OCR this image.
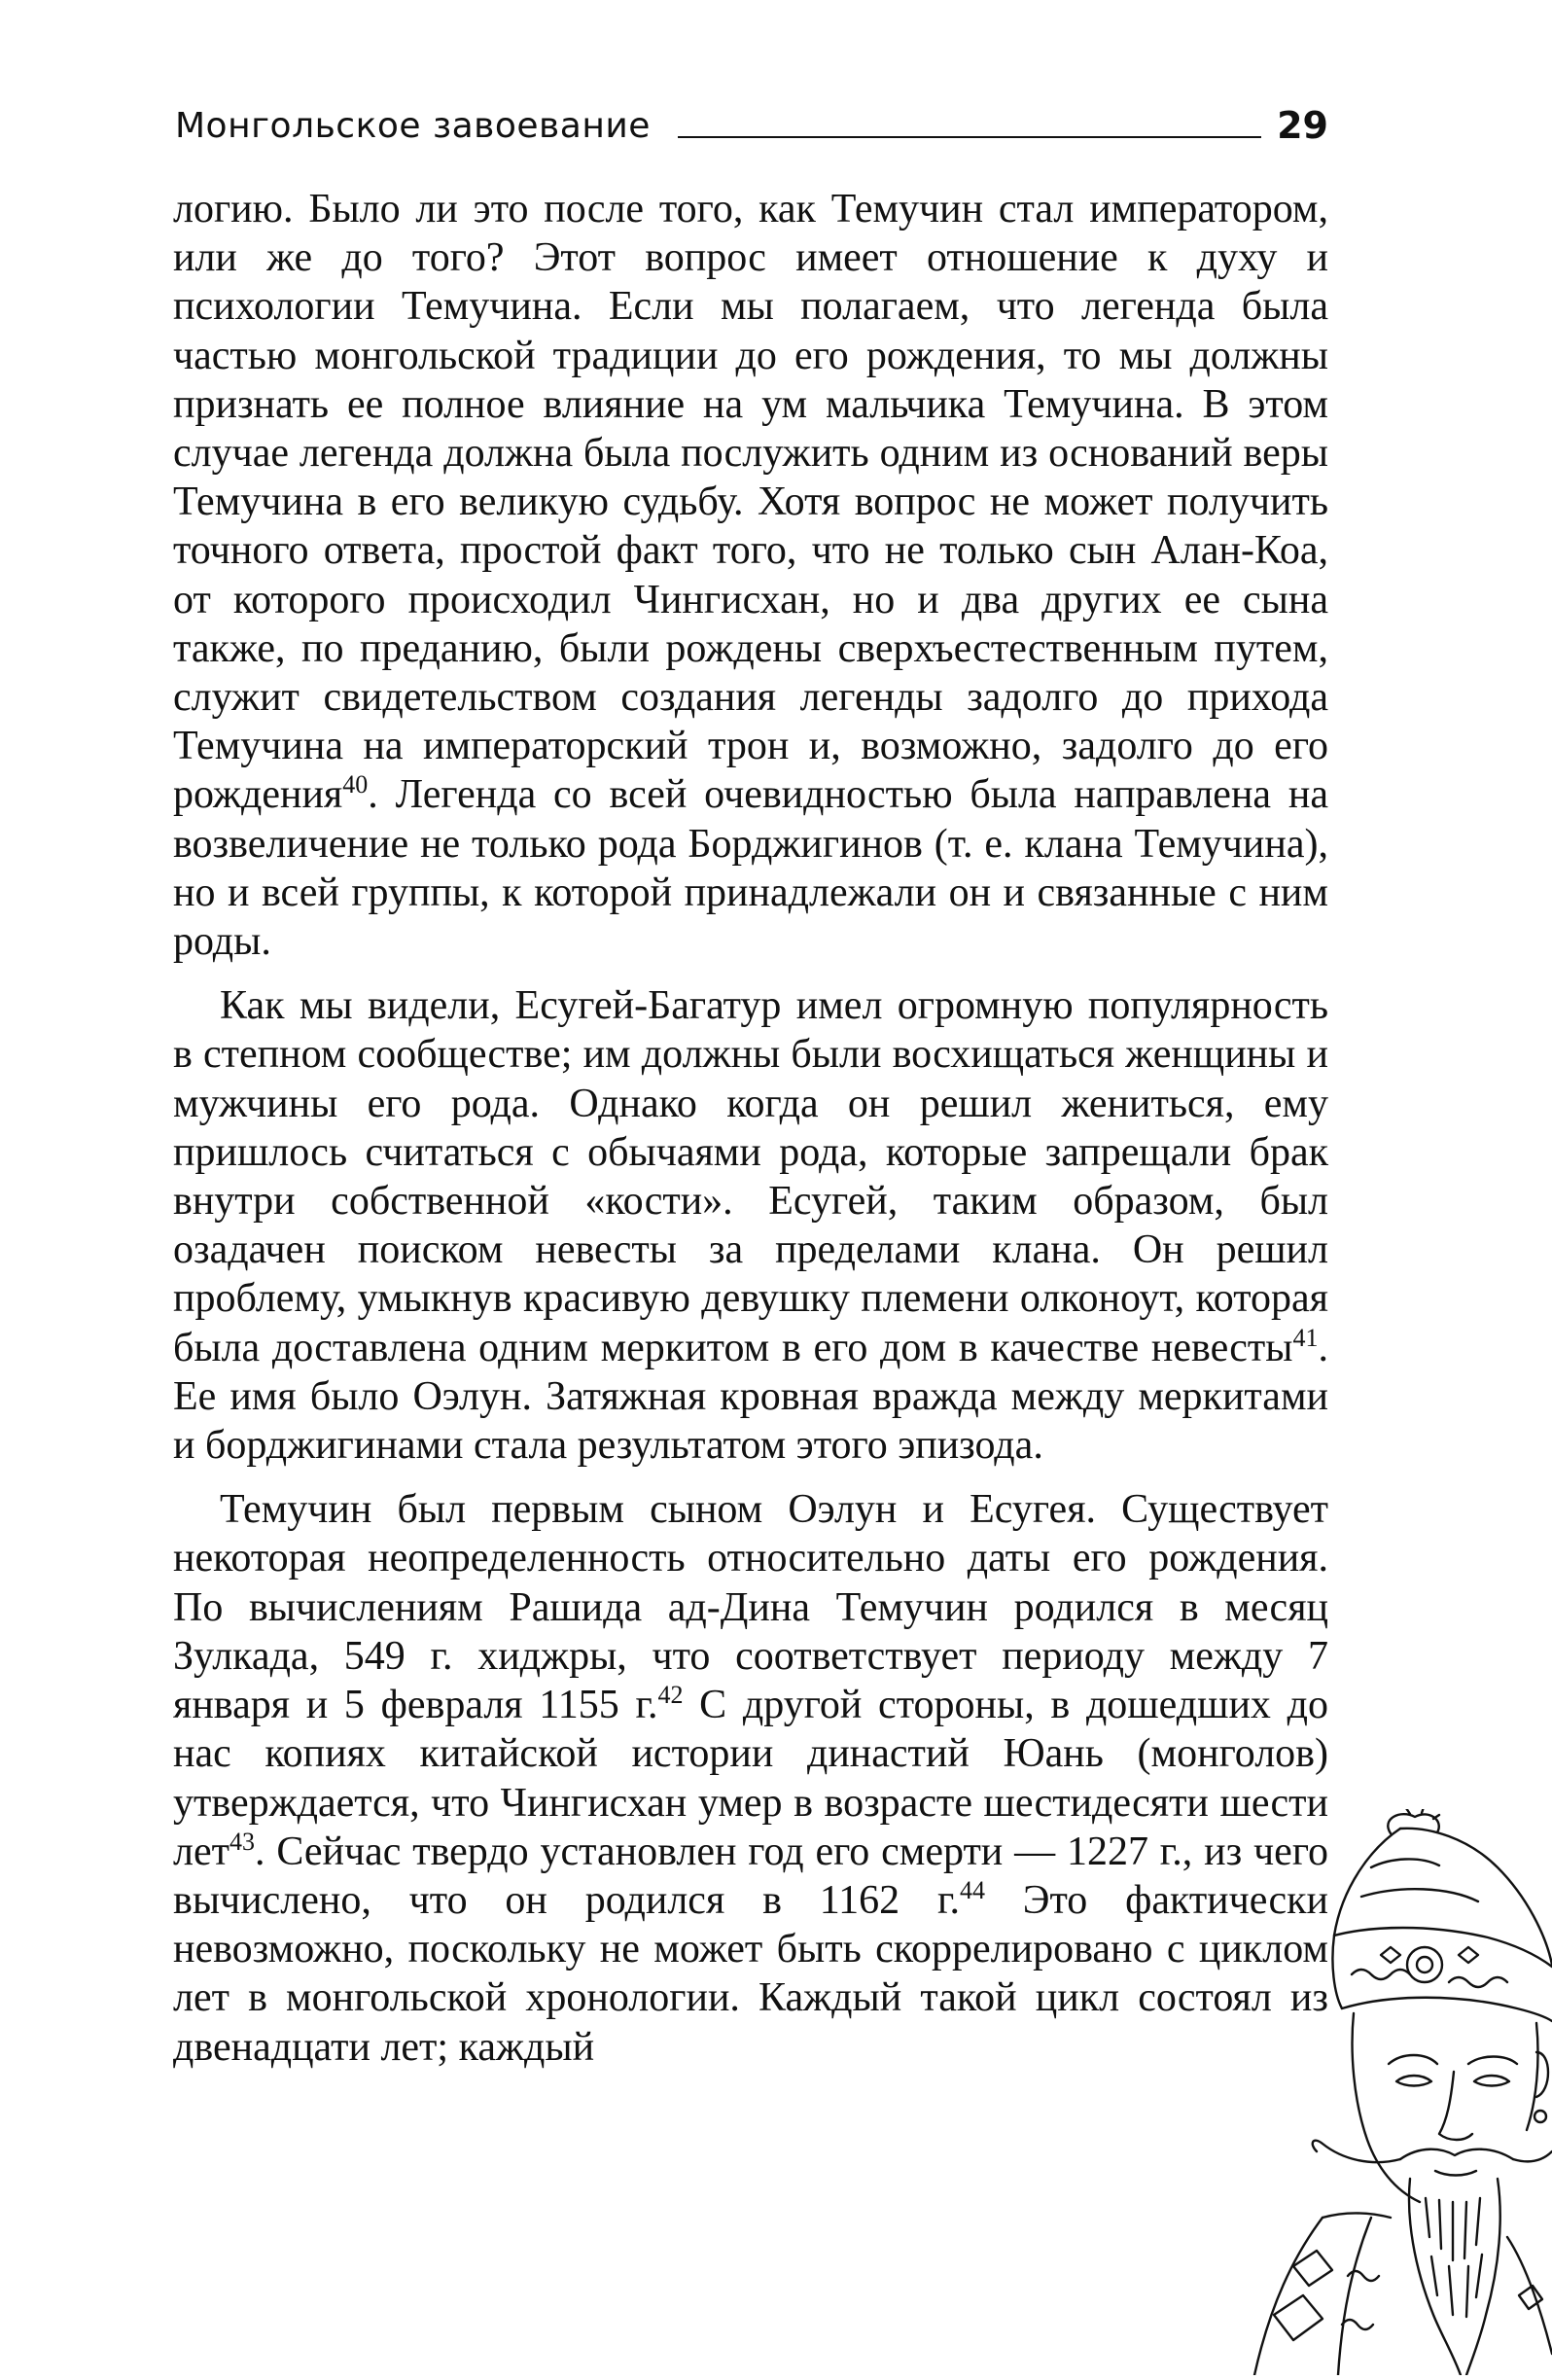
Монгольское завоевание	29

логию. Было ли это после того, как Темучин стал императором, или же до того? Этот вопрос имеет отношение к духу и психологии Темучина. Если мы полагаем, что легенда была частью монгольской традиции до его рождения, то мы должны признать ее полное влияние на ум мальчика Темучина. В этом случае легенда должна была послужить одним из оснований веры Темучина в его великую судьбу. Хотя вопрос не может получить точного ответа, простой факт того, что не только сын Алан-Коа, от которого происходил Чингисхан, но и два других ее сына также, по преданию, были рождены сверхъестественным путем, служит свидетельством создания легенды задолго до прихода Темучина на императорский трон и, возможно, задолго до его рождения$^{40}$. Легенда со всей очевидностью была направлена на возвеличение не только рода Борджигинов (т. е. клана Темучина), но и всей группы, к которой принадлежали он и связанные с ним роды.

Как мы видели, Есугей-Багатур имел огромную популярность в степном сообществе; им должны были восхищаться женщины и мужчины его рода. Однако когда он решил жениться, ему пришлось считаться с обычаями рода, которые запрещали брак внутри собственной «кости». Есугей, таким образом, был озадачен поиском невесты за пределами клана. Он решил проблему, умыкнув красивую девушку племени олконоут, которая была доставлена одним меркитом в его дом в качестве невесты$^{41}$. Ее имя было Оэлун. Затяжная кровная вражда между меркитами и борджигинами стала результатом этого эпизода.

Темучин был первым сыном Оэлун и Есугея. Существует некоторая неопределенность относительно даты его рождения. По вычислениям Рашида ад-Дина Темучин родился в месяц Зулкада, 549 г. хиджры, что соответствует периоду между 7 января и 5 февраля 1155 г.$^{42}$ С другой стороны, в дошедших до нас копиях китайской истории династий Юань (монголов) утверждается, что Чингисхан умер в возрасте шестидесяти шести лет$^{43}$. Сейчас твердо установлен год его смерти — 1227 г., из чего вычислено, что он родился в 1162 г.$^{44}$ Это фактически невозможно, поскольку не может быть скоррелировано с циклом лет в монгольской хронологии. Каждый такой цикл состоял из двенадцати лет; каждый
